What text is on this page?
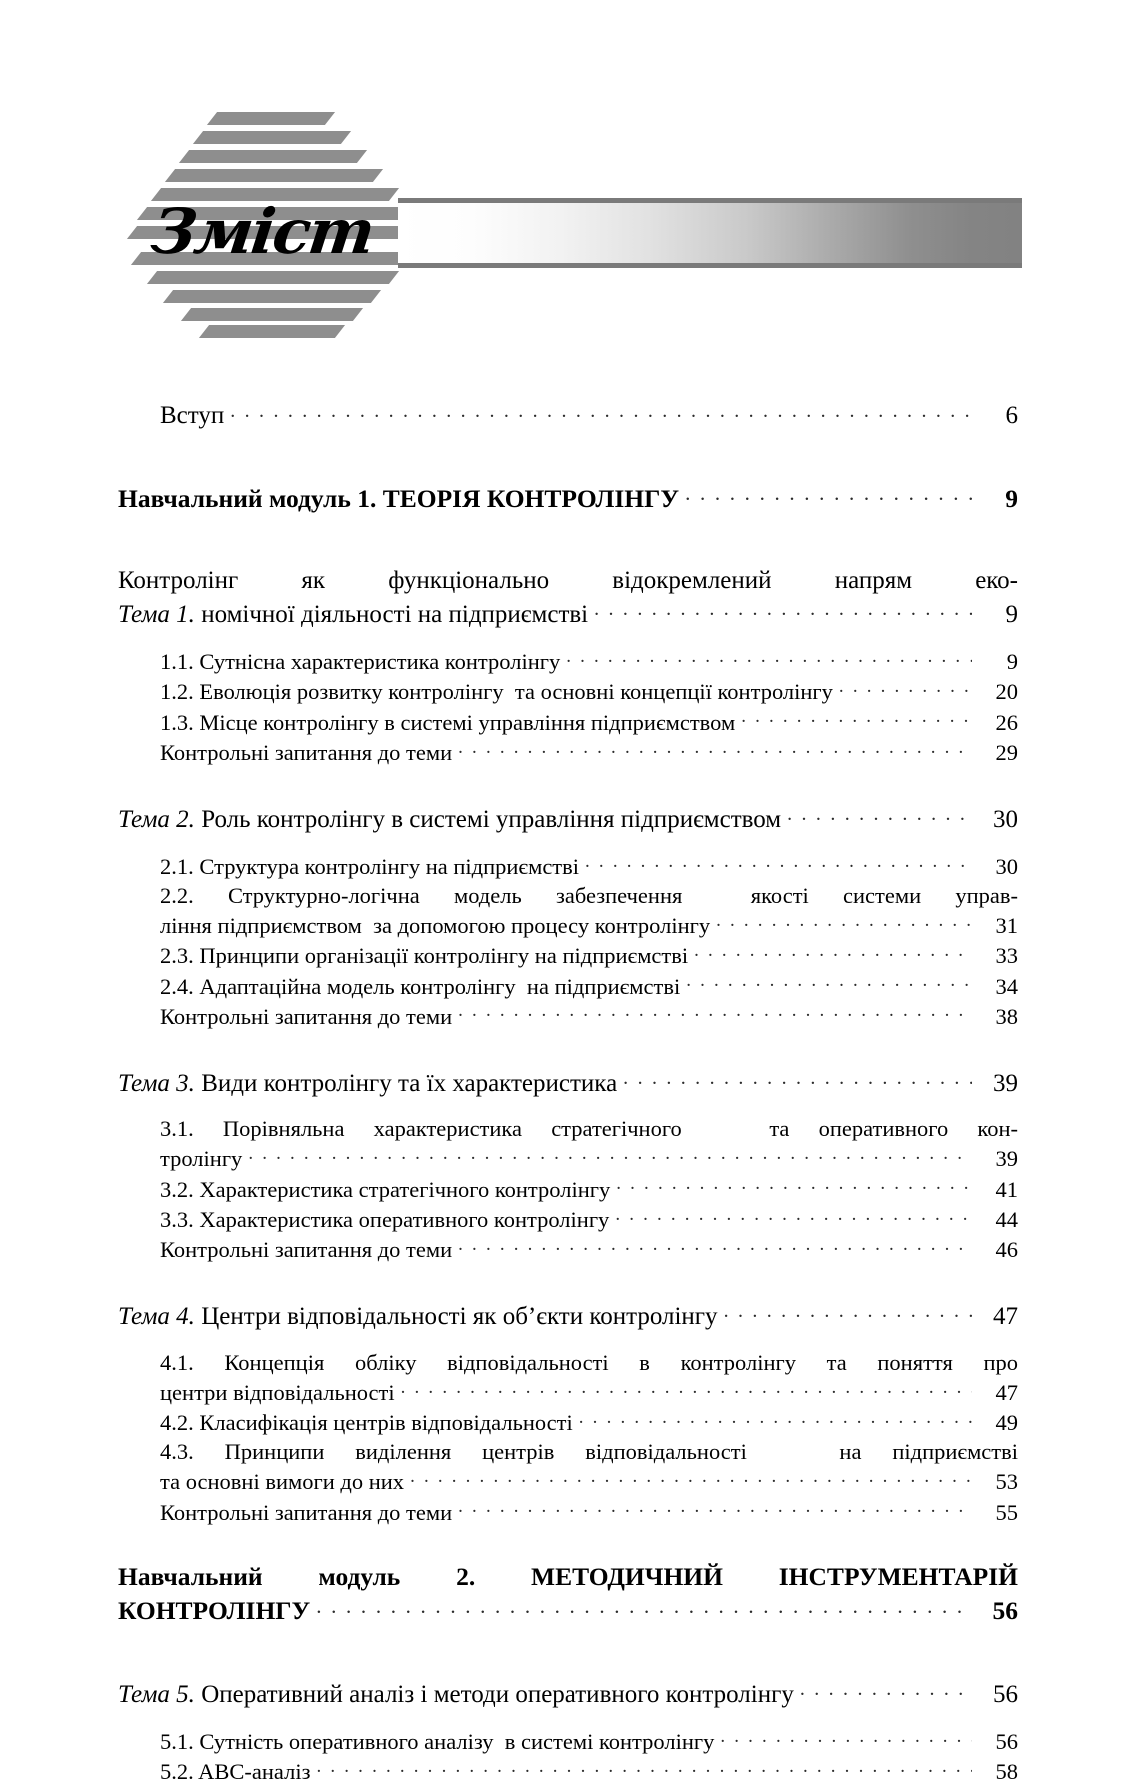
Зміст
Вступ . . .	6
Навчальний модуль 1. ТЕОРІЯ КОНТРОЛІНГУ . . .	9
Контролінг як функціонально відокремлений напрям еко-
Тема 1. номічної діяльності на підприємстві . . .	9
1.1. Сутнісна характеристика контролінгу . . .	9
1.2. Еволюція розвитку контролінгу  та основні концепції контролінгу . . .	20
1.3. Місце контролінгу в системі управління підприємством . . .	26
Контрольні запитання до теми . . .	29
Тема 2. Роль контролінгу в системі управління підприємством . . .	30
2.1. Структура контролінгу на підприємстві . . .	30
2.2. Структурно-логічна модель забезпечення  якості системи управ-
ління підприємством  за допомогою процесу контролінгу . . .	31
2.3. Принципи організації контролінгу на підприємстві . . .	33
2.4. Адаптаційна модель контролінгу  на підприємстві . . .	34
Контрольні запитання до теми . . .	38
Тема 3. Види контролінгу та їх характеристика . . .	39
3.1. Порівняльна характеристика стратегічного   та оперативного кон-
тролінгу . . .	39
3.2. Характеристика стратегічного контролінгу . . .	41
3.3. Характеристика оперативного контролінгу . . .	44
Контрольні запитання до теми . . .	46
Тема 4. Центри відповідальності як об’єкти контролінгу . . .	47
4.1. Концепція обліку відповідальності в контролінгу та поняття про
центри відповідальності . . .	47
4.2. Класифікація центрів відповідальності . . .	49
4.3. Принципи виділення центрів відповідальності   на підприємстві
та основні вимоги до них . . .	53
Контрольні запитання до теми . . .	55
Навчальний модуль 2. МЕТОДИЧНИЙ ІНСТРУМЕНТАРІЙ
КОНТРОЛІНГУ . . .	56
Тема 5. Оперативний аналіз і методи оперативного контролінгу . . .	56
5.1. Сутність оперативного аналізу  в системі контролінгу . . .	56
5.2. ABC-аналіз . . .	58
